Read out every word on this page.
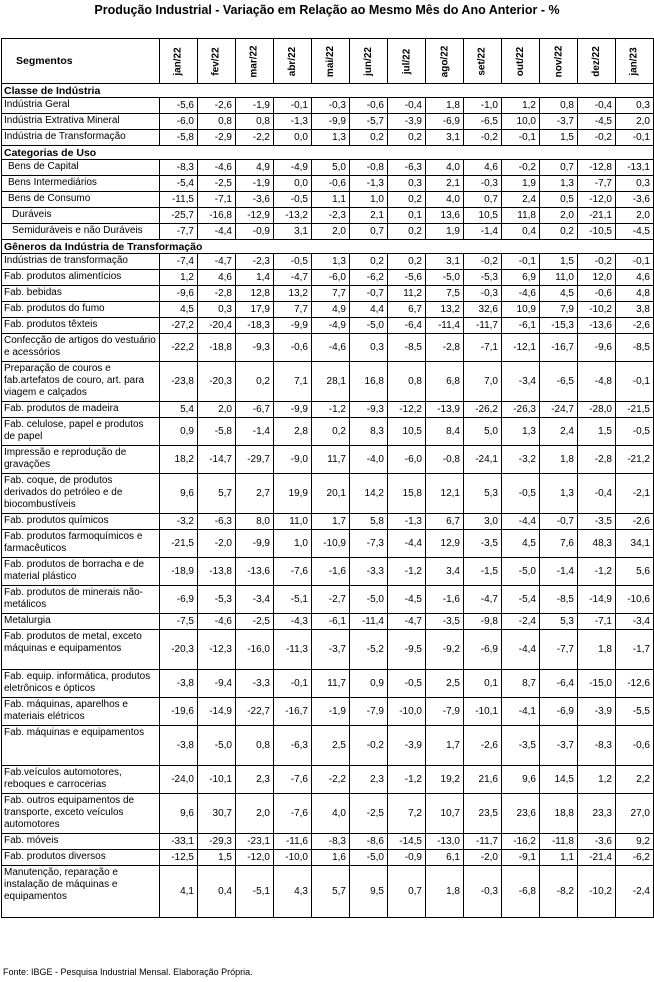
Produção Industrial - Variação em Relação ao Mesmo Mês do Ano Anterior - %
Segmentos	jan/22	fev/22	mar/22	abr/22	mai/22	jun/22	jul/22	ago/22	set/22	out/22	nov/22	dez/22	jan/23
Classe de Indústria													
Indústria Geral	-5,6	-2,6	-1,9	-0,1	-0,3	-0,6	-0,4	1,8	-1,0	1,2	0,8	-0,4	0,3
Indústria Extrativa Mineral	-6,0	0,8	0,8	-1,3	-9,9	-5,7	-3,9	-6,9	-6,5	10,0	-3,7	-4,5	2,0
Indústria de Transformação	-5,8	-2,9	-2,2	0,0	1,3	0,2	0,2	3,1	-0,2	-0,1	1,5	-0,2	-0,1
Categorias de Uso													
Bens de Capital	-8,3	-4,6	4,9	-4,9	5,0	-0,8	-6,3	4,0	4,6	-0,2	0,7	-12,8	-13,1
Bens Intermediários	-5,4	-2,5	-1,9	0,0	-0,6	-1,3	0,3	2,1	-0,3	1,9	1,3	-7,7	0,3
Bens de Consumo	-11,5	-7,1	-3,6	-0,5	1,1	1,0	0,2	4,0	0,7	2,4	0,5	-12,0	-3,6
Duráveis	-25,7	-16,8	-12,9	-13,2	-2,3	2,1	0,1	13,6	10,5	11,8	2,0	-21,1	2,0
Semiduráveis e não Duráveis	-7,7	-4,4	-0,9	3,1	2,0	0,7	0,2	1,9	-1,4	0,4	0,2	-10,5	-4,5
Gêneros da Indústria de Transformação													
Indústrias de transformação	-7,4	-4,7	-2,3	-0,5	1,3	0,2	0,2	3,1	-0,2	-0,1	1,5	-0,2	-0,1
Fab. produtos alimentícios	1,2	4,6	1,4	-4,7	-6,0	-6,2	-5,6	-5,0	-5,3	6,9	11,0	12,0	4,6
Fab. bebidas	-9,6	-2,8	12,8	13,2	7,7	-0,7	11,2	7,5	-0,3	-4,6	4,5	-0,6	4,8
Fab. produtos do fumo	4,5	0,3	17,9	7,7	4,9	4,4	6,7	13,2	32,6	10,9	7,9	-10,2	3,8
Fab. produtos têxteis	-27,2	-20,4	-18,3	-9,9	-4,9	-5,0	-6,4	-11,4	-11,7	-6,1	-15,3	-13,6	-2,6
Confecção de artigos do vestuário e acessórios	-22,2	-18,8	-9,3	-0,6	-4,6	0,3	-8,5	-2,8	-7,1	-12,1	-16,7	-9,6	-8,5
Preparação de couros e fab.artefatos de couro, art. para viagem e calçados	-23,8	-20,3	0,2	7,1	28,1	16,8	0,8	6,8	7,0	-3,4	-6,5	-4,8	-0,1
Fab. produtos de madeira	5,4	2,0	-6,7	-9,9	-1,2	-9,3	-12,2	-13,9	-26,2	-26,3	-24,7	-28,0	-21,5
Fab. celulose, papel e produtos de papel	0,9	-5,8	-1,4	2,8	0,2	8,3	10,5	8,4	5,0	1,3	2,4	1,5	-0,5
Impressão e reprodução de gravações	18,2	-14,7	-29,7	-9,0	11,7	-4,0	-6,0	-0,8	-24,1	-3,2	1,8	-2,8	-21,2
Fab. coque, de produtos derivados do petróleo e de biocombustíveis	9,6	5,7	2,7	19,9	20,1	14,2	15,8	12,1	5,3	-0,5	1,3	-0,4	-2,1
Fab. produtos químicos	-3,2	-6,3	8,0	11,0	1,7	5,8	-1,3	6,7	3,0	-4,4	-0,7	-3,5	-2,6
Fab. produtos farmoquímicos e farmacêuticos	-21,5	-2,0	-9,9	1,0	-10,9	-7,3	-4,4	12,9	-3,5	4,5	7,6	48,3	34,1
Fab. produtos de borracha e de material plástico	-18,9	-13,8	-13,6	-7,6	-1,6	-3,3	-1,2	3,4	-1,5	-5,0	-1,4	-1,2	5,6
Fab. produtos de minerais não-metálicos	-6,9	-5,3	-3,4	-5,1	-2,7	-5,0	-4,5	-1,6	-4,7	-5,4	-8,5	-14,9	-10,6
Metalurgia	-7,5	-4,6	-2,5	-4,3	-6,1	-11,4	-4,7	-3,5	-9,8	-2,4	5,3	-7,1	-3,4
Fab. produtos de metal, exceto máquinas e equipamentos	-20,3	-12,3	-16,0	-11,3	-3,7	-5,2	-9,5	-9,2	-6,9	-4,4	-7,7	1,8	-1,7
Fab. equip. informática, produtos eletrônicos e ópticos	-3,8	-9,4	-3,3	-0,1	11,7	0,9	-0,5	2,5	0,1	8,7	-6,4	-15,0	-12,6
Fab. máquinas, aparelhos e materiais elétricos	-19,6	-14,9	-22,7	-16,7	-1,9	-7,9	-10,0	-7,9	-10,1	-4,1	-6,9	-3,9	-5,5
Fab. máquinas e equipamentos	-3,8	-5,0	0,8	-6,3	2,5	-0,2	-3,9	1,7	-2,6	-3,5	-3,7	-8,3	-0,6
Fab.veículos automotores, reboques e carrocerias	-24,0	-10,1	2,3	-7,6	-2,2	2,3	-1,2	19,2	21,6	9,6	14,5	1,2	2,2
Fab. outros equipamentos de transporte, exceto veículos automotores	9,6	30,7	2,0	-7,6	4,0	-2,5	7,2	10,7	23,5	23,6	18,8	23,3	27,0
Fab. móveis	-33,1	-29,3	-23,1	-11,6	-8,3	-8,6	-14,5	-13,0	-11,7	-16,2	-11,8	-3,6	9,2
Fab. produtos diversos	-12,5	1,5	-12,0	-10,0	1,6	-5,0	-0,9	6,1	-2,0	-9,1	1,1	-21,4	-6,2
Manutenção, reparação e instalação de máquinas e equipamentos	4,1	0,4	-5,1	4,3	5,7	9,5	0,7	1,8	-0,3	-6,8	-8,2	-10,2	-2,4
Fonte: IBGE - Pesquisa Industrial Mensal. Elaboração Própria.
